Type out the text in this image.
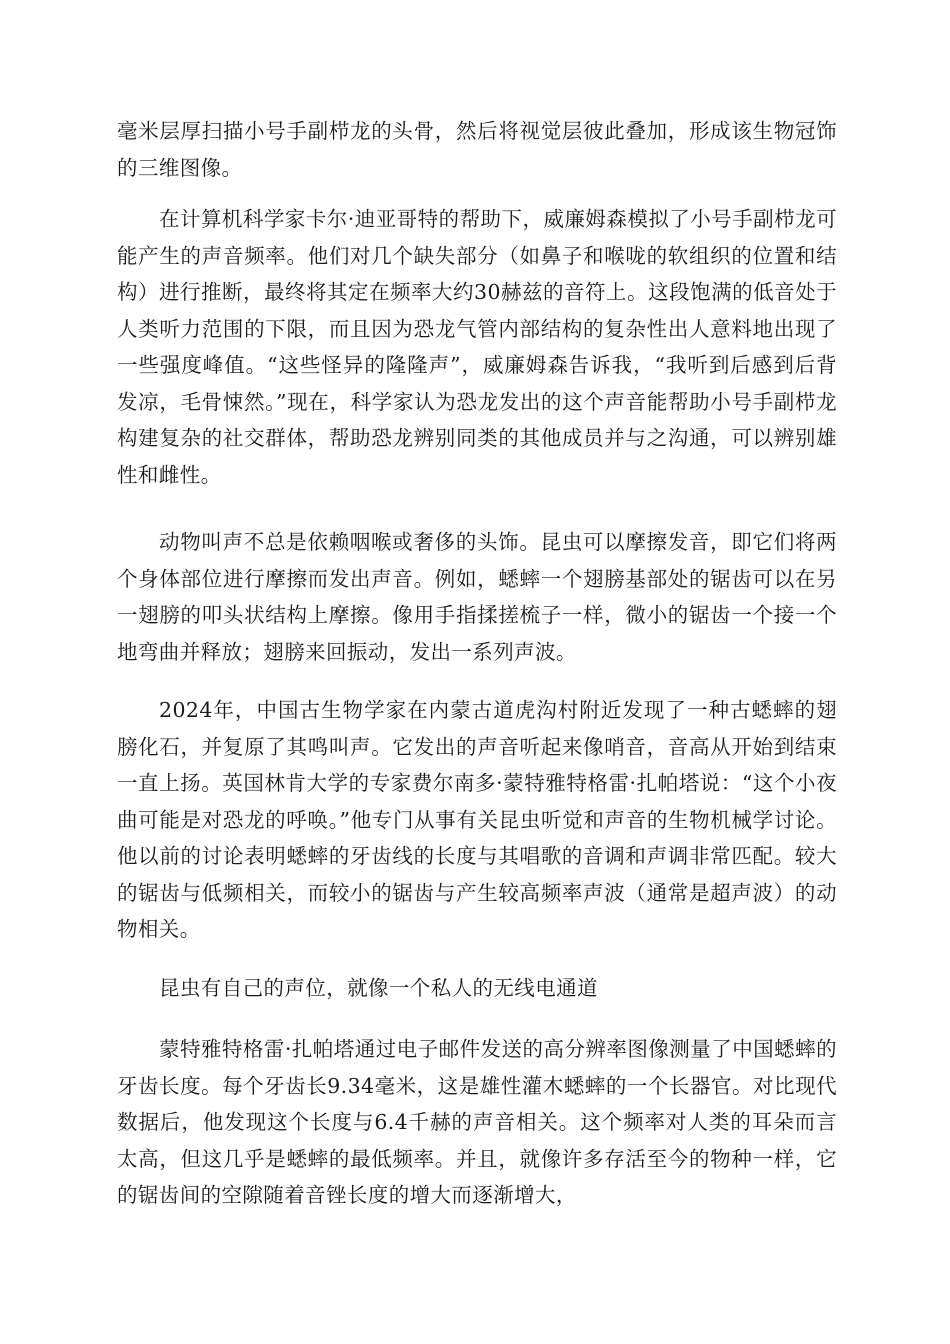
毫米层厚扫描小号手副栉龙的头骨，然后将视觉层彼此叠加，形成该生物冠饰的三维图像。

在计算机科学家卡尔·迪亚哥特的帮助下，威廉姆森模拟了小号手副栉龙可能产生的声音频率。他们对几个缺失部分（如鼻子和喉咙的软组织的位置和结构）进行推断，最终将其定在频率大约30赫兹的音符上。这段饱满的低音处于人类听力范围的下限，而且因为恐龙气管内部结构的复杂性出人意料地出现了一些强度峰值。“这些怪异的隆隆声”，威廉姆森告诉我，“我听到后感到后背发凉，毛骨悚然。”现在，科学家认为恐龙发出的这个声音能帮助小号手副栉龙构建复杂的社交群体，帮助恐龙辨别同类的其他成员并与之沟通，可以辨别雄性和雌性。

动物叫声不总是依赖咽喉或奢侈的头饰。昆虫可以摩擦发音，即它们将两个身体部位进行摩擦而发出声音。例如，蟋蟀一个翅膀基部处的锯齿可以在另一翅膀的叩头状结构上摩擦。像用手指揉搓梳子一样，微小的锯齿一个接一个地弯曲并释放；翅膀来回振动，发出一系列声波。

2024年，中国古生物学家在内蒙古道虎沟村附近发现了一种古蟋蟀的翅膀化石，并复原了其鸣叫声。它发出的声音听起来像哨音，音高从开始到结束一直上扬。英国林肯大学的专家费尔南多·蒙特雅特格雷·扎帕塔说：“这个小夜曲可能是对恐龙的呼唤。”他专门从事有关昆虫听觉和声音的生物机械学讨论。他以前的讨论表明蟋蟀的牙齿线的长度与其唱歌的音调和声调非常匹配。较大的锯齿与低频相关，而较小的锯齿与产生较高频率声波（通常是超声波）的动物相关。

昆虫有自己的声位，就像一个私人的无线电通道

蒙特雅特格雷·扎帕塔通过电子邮件发送的高分辨率图像测量了中国蟋蟀的牙齿长度。每个牙齿长9.34毫米，这是雄性灌木蟋蟀的一个长器官。对比现代数据后，他发现这个长度与6.4千赫的声音相关。这个频率对人类的耳朵而言太高，但这几乎是蟋蟀的最低频率。并且，就像许多存活至今的物种一样，它的锯齿间的空隙随着音锉长度的增大而逐渐增大，
